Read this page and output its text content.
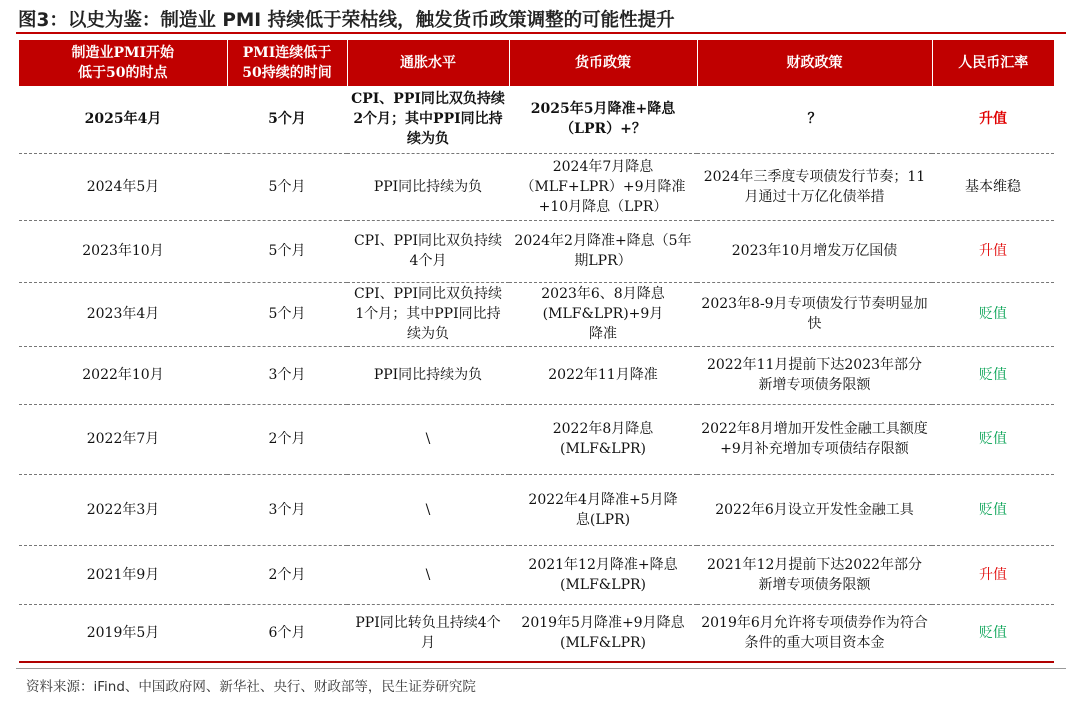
图3：以史为鉴：制造业 PMI 持续低于荣枯线，触发货币政策调整的可能性提升
制造业PMI开始低于50的时点	PMI连续低于50持续的时间	通胀水平	货币政策	财政政策	人民币汇率
2025年4月	5个月	CPI、PPI同比双负持续2个月；其中PPI同比持续为负	2025年5月降准+降息（LPR）+？	？	升值
2024年5月	5个月	PPI同比持续为负	2024年7月降息（MLF+LPR）+9月降准+10月降息（LPR）	2024年三季度专项债发行节奏；11月通过十万亿化债举措	基本维稳
2023年10月	5个月	CPI、PPI同比双负持续4个月	2024年2月降准+降息（5年期LPR）	2023年10月增发万亿国债	升值
2023年4月	5个月	CPI、PPI同比双负持续1个月；其中PPI同比持续为负	2023年6、8月降息(MLF&LPR)+9月降准	2023年8-9月专项债发行节奏明显加快	贬值
2022年10月	3个月	PPI同比持续为负	2022年11月降准	2022年11月提前下达2023年部分新增专项债务限额	贬值
2022年7月	2个月	\	2022年8月降息(MLF&LPR)	2022年8月增加开发性金融工具额度+9月补充增加专项债结存限额	贬值
2022年3月	3个月	\	2022年4月降准+5月降息(LPR)	2022年6月设立开发性金融工具	贬值
2021年9月	2个月	\	2021年12月降准+降息(MLF&LPR)	2021年12月提前下达2022年部分新增专项债务限额	升值
2019年5月	6个月	PPI同比转负且持续4个月	2019年5月降准+9月降息(MLF&LPR)	2019年6月允许将专项债券作为符合条件的重大项目资本金	贬值
资料来源：iFind、中国政府网、新华社、央行、财政部等，民生证券研究院
